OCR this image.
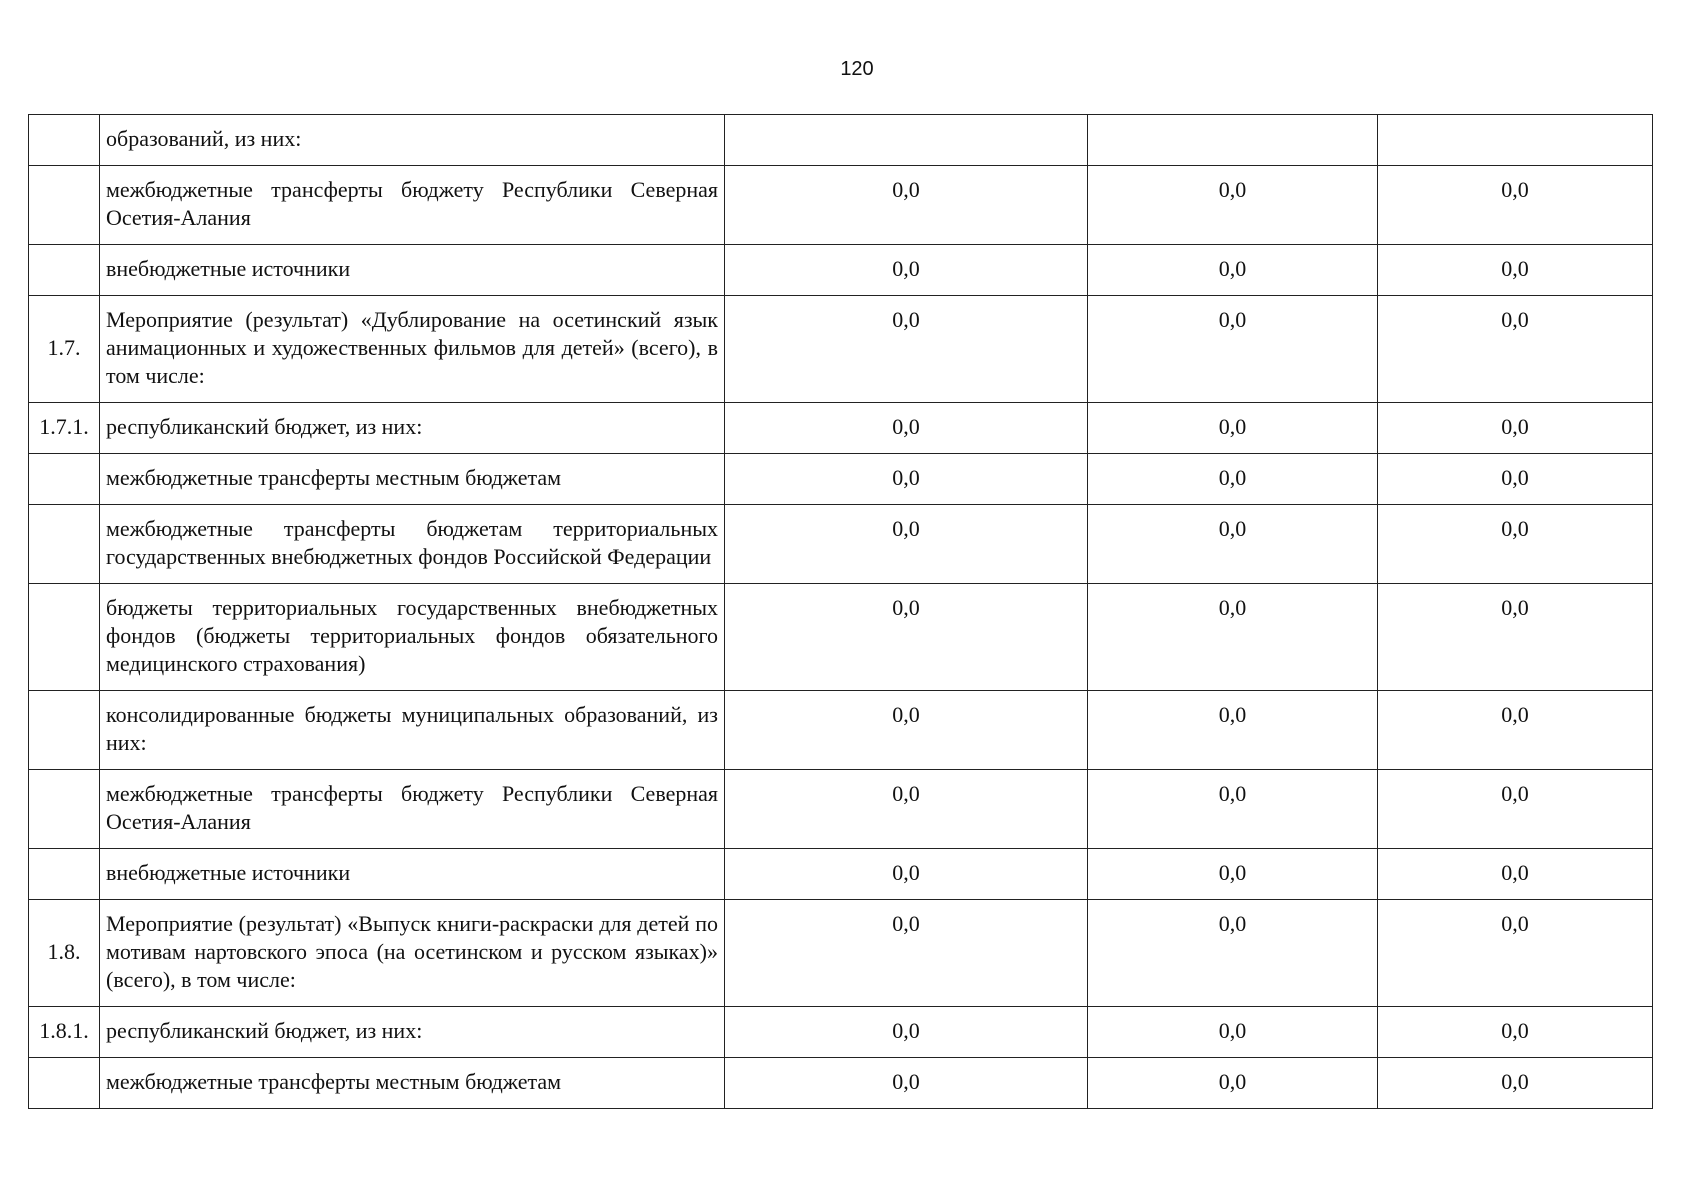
120
	образований, из них:			
	межбюджетные трансферты бюджету Республики Северная Осетия-Алания	0,0	0,0	0,0
	внебюджетные источники	0,0	0,0	0,0
1.7.	Мероприятие (результат) «Дублирование на осетинский язык анимационных и художественных фильмов для детей» (всего), в том числе:	0,0	0,0	0,0
1.7.1.	республиканский бюджет, из них:	0,0	0,0	0,0
	межбюджетные трансферты местным бюджетам	0,0	0,0	0,0
	межбюджетные трансферты бюджетам территориальных государственных внебюджетных фондов Российской Федерации	0,0	0,0	0,0
	бюджеты территориальных государственных внебюджетных фондов (бюджеты территориальных фондов обязательного медицинского страхования)	0,0	0,0	0,0
	консолидированные бюджеты муниципальных образований, из них:	0,0	0,0	0,0
	межбюджетные трансферты бюджету Республики Северная Осетия-Алания	0,0	0,0	0,0
	внебюджетные источники	0,0	0,0	0,0
1.8.	Мероприятие (результат) «Выпуск книги-раскраски для детей по мотивам нартовского эпоса (на осетинском и русском языках)» (всего), в том числе:	0,0	0,0	0,0
1.8.1.	республиканский бюджет, из них:	0,0	0,0	0,0
	межбюджетные трансферты местным бюджетам	0,0	0,0	0,0
